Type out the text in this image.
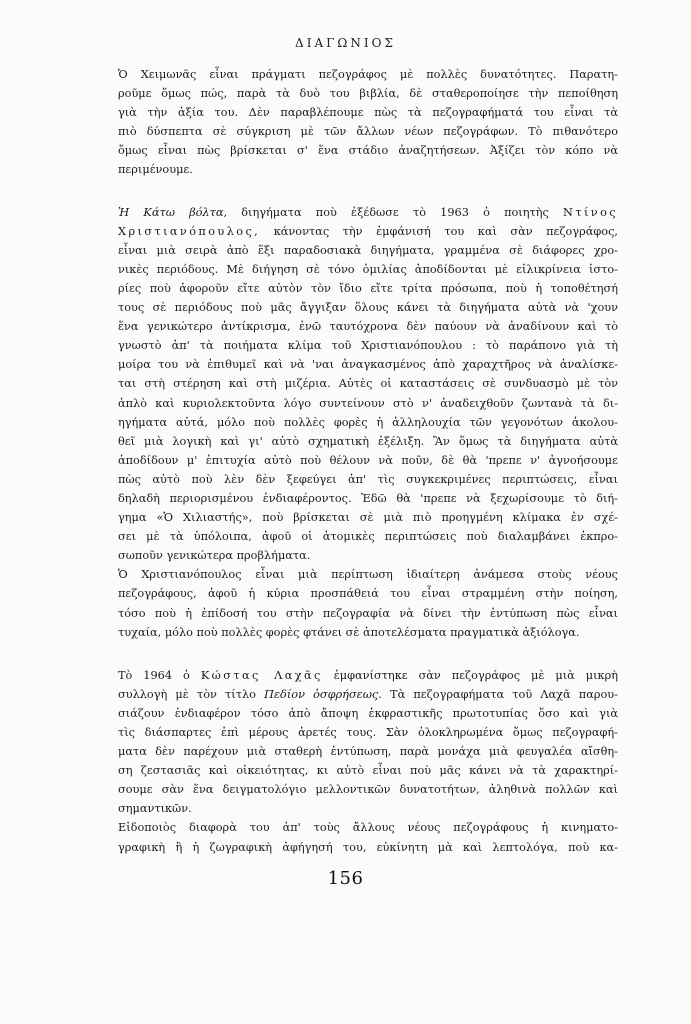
ΔΙΑΓΩΝΙΟΣ
Ὁ Χειμωνᾶς εἶναι πράγματι πεζογράφος μὲ πολλὲς δυνατότητες. Παρατη-
ροῦμε ὅμως πώς, παρὰ τὰ δυὸ του βιβλία, δὲ σταθεροποίησε τὴν πεποίθηση
γιὰ τὴν ἀξία του. Δὲν παραβλέπουμε πὼς τὰ πεζογραφήματά του εἶναι τὰ
πιὸ δύσπεπτα σὲ σύγκριση μὲ τῶν ἄλλων νέων πεζογράφων. Τὸ πιθανότερο
ὅμως εἶναι πὼς βρίσκεται σ' ἕνα στάδιο ἀναζητήσεων. Ἀξίζει τὸν κόπο νὰ
περιμένουμε.
Ἡ Κάτω βόλτα, διηγήματα ποὺ ἐξέδωσε τὸ 1963 ὁ ποιητὴς Ντίνος
Χριστιανόπουλος, κάνοντας τὴν ἐμφάνισή του καὶ σὰν πεζογράφος,
εἶναι μιὰ σειρὰ ἀπὸ ἕξι παραδοσιακὰ διηγήματα, γραμμένα σὲ διάφορες χρο-
νικὲς περιόδους. Μὲ διήγηση σὲ τόνο ὁμιλίας ἀποδίδονται μὲ εἰλικρίνεια ἱστο-
ρίες ποὺ ἀφοροῦν εἴτε αὐτὸν τὸν ἴδιο εἴτε τρίτα πρόσωπα, ποὺ ἡ τοποθέτησή
τους σὲ περιόδους ποὺ μᾶς ἄγγιξαν ὅλους κάνει τὰ διηγήματα αὐτὰ νὰ 'χουν
ἕνα γενικώτερο ἀντίκρισμα, ἐνῶ ταυτόχρονα δὲν παύουν νὰ ἀναδίνουν καὶ τὸ
γνωστὸ ἀπ' τὰ ποιήματα κλίμα τοῦ Χριστιανόπουλου : τὸ παράπονο γιὰ τὴ
μοίρα του νὰ ἐπιθυμεῖ καὶ νὰ 'ναι ἀναγκασμένος ἀπὸ χαραχτῆρος νὰ ἀναλίσκε-
ται στὴ στέρηση καὶ στὴ μιζέρια. Αὐτὲς οἱ καταστάσεις σὲ συνδυασμὸ μὲ τὸν
ἁπλὸ καὶ κυριολεκτοῦντα λόγο συντείνουν στὸ ν' ἀναδειχθοῦν ζωντανὰ τὰ δι-
ηγήματα αὐτά, μόλο ποὺ πολλὲς φορὲς ἡ ἀλληλουχία τῶν γεγονότων ἀκολου-
θεῖ μιὰ λογικὴ καὶ γι' αὐτὸ σχηματικὴ ἐξέλιξη. Ἂν ὅμως τὰ διηγήματα αὐτὰ
ἀποδίδουν μ' ἐπιτυχία αὐτὸ ποὺ θέλουν νὰ ποῦν, δὲ θὰ 'πρεπε ν' ἀγνοήσουμε
πὼς αὐτὸ ποὺ λὲν δὲν ξεφεύγει ἀπ' τὶς συγκεκριμένες περιπτώσεις, εἶναι
δηλαδὴ περιορισμένου ἐνδιαφέροντος. Ἐδῶ θὰ 'πρεπε νὰ ξεχωρίσουμε τὸ διή-
γημα «Ὁ Χιλιαστής», ποὺ βρίσκεται σὲ μιὰ πιὸ προηγμένη κλίμακα ἐν σχέ-
σει μὲ τὰ ὑπόλοιπα, ἀφοῦ οἱ ἀτομικὲς περιπτώσεις ποὺ διαλαμβάνει ἐκπρο-
σωποῦν γενικώτερα προβλήματα.
Ὁ Χριστιανόπουλος εἶναι μιὰ περίπτωση ἰδιαίτερη ἀνάμεσα στοὺς νέους
πεζογράφους, ἀφοῦ ἡ κύρια προσπάθειά του εἶναι στραμμένη στὴν ποίηση,
τόσο ποὺ ἡ ἐπίδοσή του στὴν πεζογραφία νὰ δίνει τὴν ἐντύπωση πὼς εἶναι
τυχαία, μόλο ποὺ πολλὲς φορὲς φτάνει σὲ ἀποτελέσματα πραγματικὰ ἀξιόλογα.
Τὸ 1964 ὁ Κώστας Λαχᾶς ἐμφανίστηκε σὰν πεζογράφος μὲ μιὰ μικρὴ
συλλογὴ μὲ τὸν τίτλο Πεδίον ὀσφρήσεως. Τὰ πεζογραφήματα τοῦ Λαχᾶ παρου-
σιάζουν ἐνδιαφέρον τόσο ἀπὸ ἄποψη ἐκφραστικῆς πρωτοτυπίας ὅσο καὶ γιὰ
τὶς διάσπαρτες ἐπὶ μέρους ἀρετές τους. Σὰν ὁλοκληρωμένα ὅμως πεζογραφή-
ματα δὲν παρέχουν μιὰ σταθερὴ ἐντύπωση, παρὰ μονάχα μιὰ φευγαλέα αἴσθη-
ση ζεστασιᾶς καὶ οἰκειότητας, κι αὐτὸ εἶναι ποὺ μᾶς κάνει νὰ τὰ χαρακτηρί-
σουμε σὰν ἕνα δειγματολόγιο μελλοντικῶν δυνατοτήτων, ἀληθινὰ πολλῶν καὶ
σημαντικῶν.
Εἰδοποιὸς διαφορὰ του ἀπ' τοὺς ἄλλους νέους πεζογράφους ἡ κινηματο-
γραφικὴ ἢ ἡ ζωγραφικὴ ἀφήγησή του, εὐκίνητη μὰ καὶ λεπτολόγα, ποὺ κα-
156
